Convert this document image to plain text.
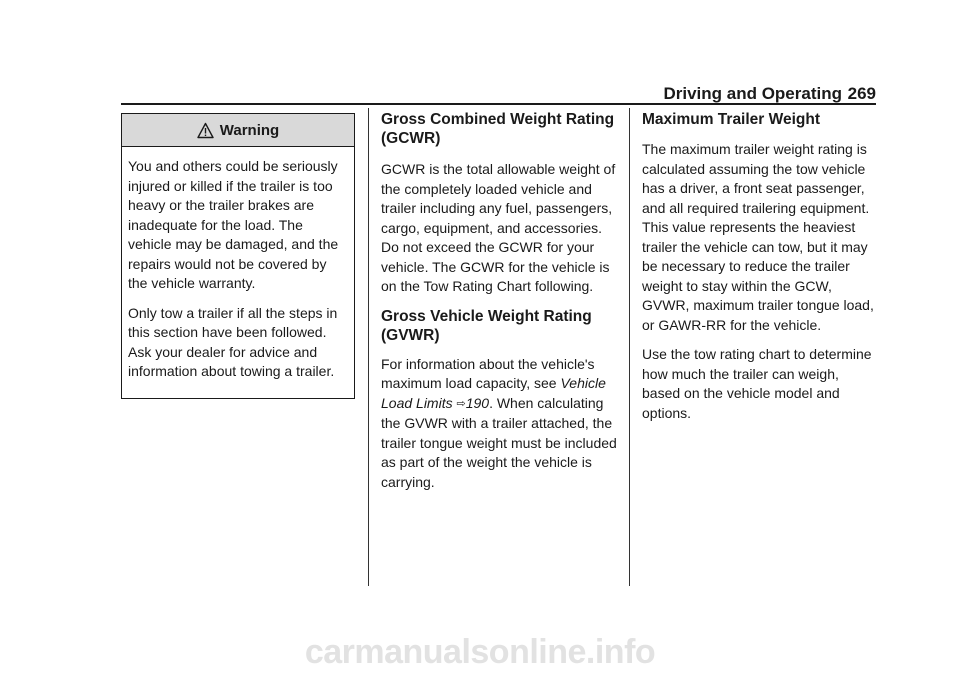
Driving and Operating 269
Warning

You and others could be seriously injured or killed if the trailer is too heavy or the trailer brakes are inadequate for the load. The vehicle may be damaged, and the repairs would not be covered by the vehicle warranty.

Only tow a trailer if all the steps in this section have been followed. Ask your dealer for advice and information about towing a trailer.

Gross Combined Weight Rating (GCWR)

GCWR is the total allowable weight of the completely loaded vehicle and trailer including any fuel, passengers, cargo, equipment, and accessories. Do not exceed the GCWR for your vehicle. The GCWR for the vehicle is on the Tow Rating Chart following.

Gross Vehicle Weight Rating (GVWR)

For information about the vehicle's maximum load capacity, see Vehicle Load Limits ⇨190. When calculating the GVWR with a trailer attached, the trailer tongue weight must be included as part of the weight the vehicle is carrying.

Maximum Trailer Weight

The maximum trailer weight rating is calculated assuming the tow vehicle has a driver, a front seat passenger, and all required trailering equipment. This value represents the heaviest trailer the vehicle can tow, but it may be necessary to reduce the trailer weight to stay within the GCW, GVWR, maximum trailer tongue load, or GAWR-RR for the vehicle.

Use the tow rating chart to determine how much the trailer can weigh, based on the vehicle model and options.

carmanualsonline.info
